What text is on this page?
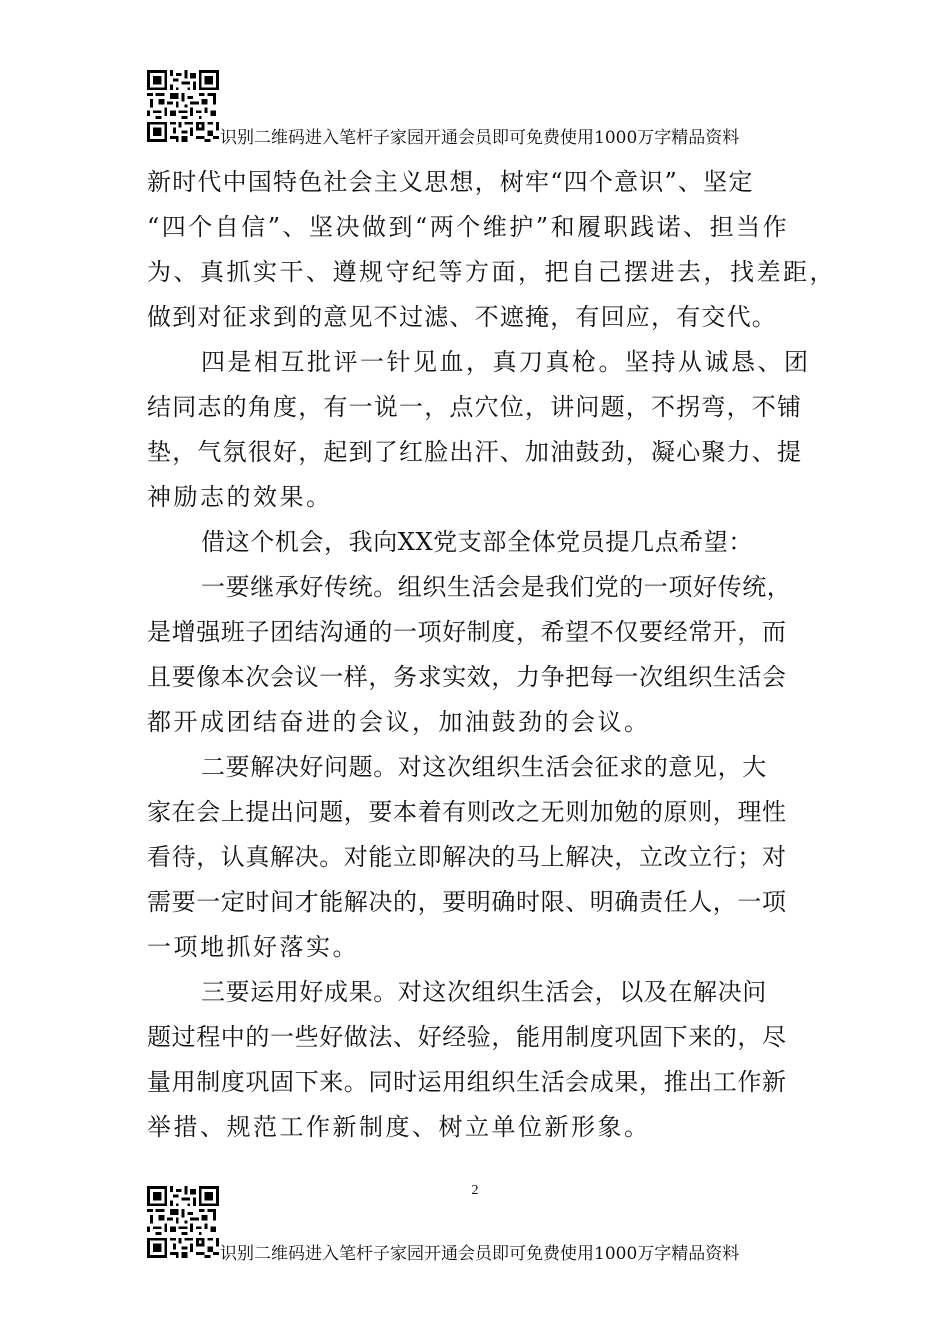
识别二维码进入笔杆子家园开通会员即可免费使用1000万字精品资料
新时代中国特色社会主义思想，树牢“四个意识”、坚定
“四个自信”、坚决做到“两个维护”和履职践诺、担当作
为、真抓实干、遵规守纪等方面，把自己摆进去，找差距，
做到对征求到的意见不过滤、不遮掩，有回应，有交代。
四是相互批评一针见血，真刀真枪。坚持从诚恳、团
结同志的角度，有一说一，点穴位，讲问题，不拐弯，不铺
垫，气氛很好，起到了红脸出汗、加油鼓劲，凝心聚力、提
神励志的效果。
借这个机会，我向XX党支部全体党员提几点希望：
一要继承好传统。组织生活会是我们党的一项好传统，
是增强班子团结沟通的一项好制度，希望不仅要经常开，而
且要像本次会议一样，务求实效，力争把每一次组织生活会
都开成团结奋进的会议，加油鼓劲的会议。
二要解决好问题。对这次组织生活会征求的意见，大
家在会上提出问题，要本着有则改之无则加勉的原则，理性
看待，认真解决。对能立即解决的马上解决，立改立行；对
需要一定时间才能解决的，要明确时限、明确责任人，一项
一项地抓好落实。
三要运用好成果。对这次组织生活会，以及在解决问
题过程中的一些好做法、好经验，能用制度巩固下来的，尽
量用制度巩固下来。同时运用组织生活会成果，推出工作新
举措、规范工作新制度、树立单位新形象。
2
识别二维码进入笔杆子家园开通会员即可免费使用1000万字精品资料
